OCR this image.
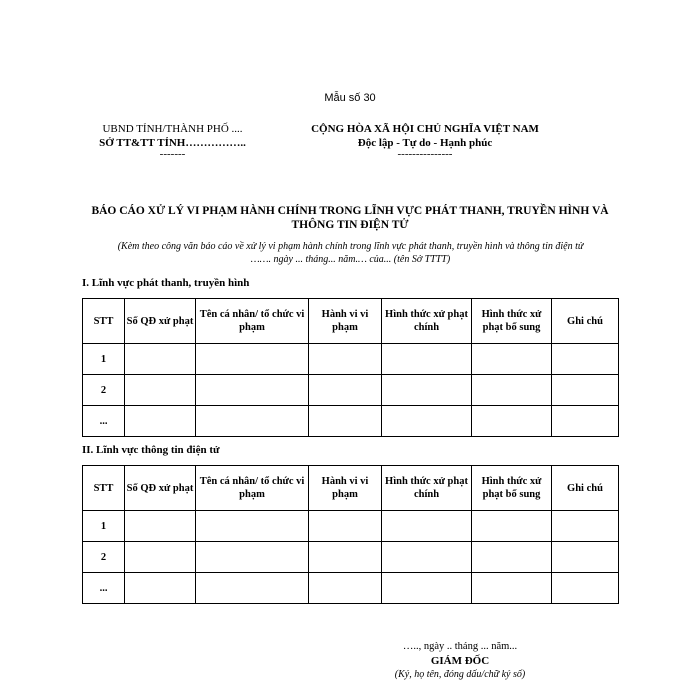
Mẫu số 30
UBND TỈNH/THÀNH PHỐ ....
SỞ TT&TT TỈNH……………..
-------
CỘNG HÒA XÃ HỘI CHỦ NGHĨA VIỆT NAM
Độc lập - Tự do - Hạnh phúc
---------------
BÁO CÁO XỬ LÝ VI PHẠM HÀNH CHÍNH TRONG LĨNH VỰC PHÁT THANH, TRUYỀN HÌNH VÀ
THÔNG TIN ĐIỆN TỬ
(Kèm theo công văn báo cáo về xử lý vi phạm hành chính trong lĩnh vực phát thanh, truyền hình và thông tin điện tử
……. ngày ... tháng... năm.… của... (tên Sở TTTT)
I. Lĩnh vực phát thanh, truyền hình
STT	Số QĐ xử phạt	Tên cá nhân/ tổ chức vi phạm	Hành vi vi phạm	Hình thức xử phạt chính	Hình thức xử phạt bổ sung	Ghi chú
1						
2						
...						
II. Lĩnh vực thông tin điện tử
STT	Số QĐ xử phạt	Tên cá nhân/ tổ chức vi phạm	Hành vi vi phạm	Hình thức xử phạt chính	Hình thức xử phạt bổ sung	Ghi chú
1						
2						
...						
….., ngày .. tháng ... năm...
GIÁM ĐỐC
(Ký, họ tên, đóng dấu/chữ ký số)
